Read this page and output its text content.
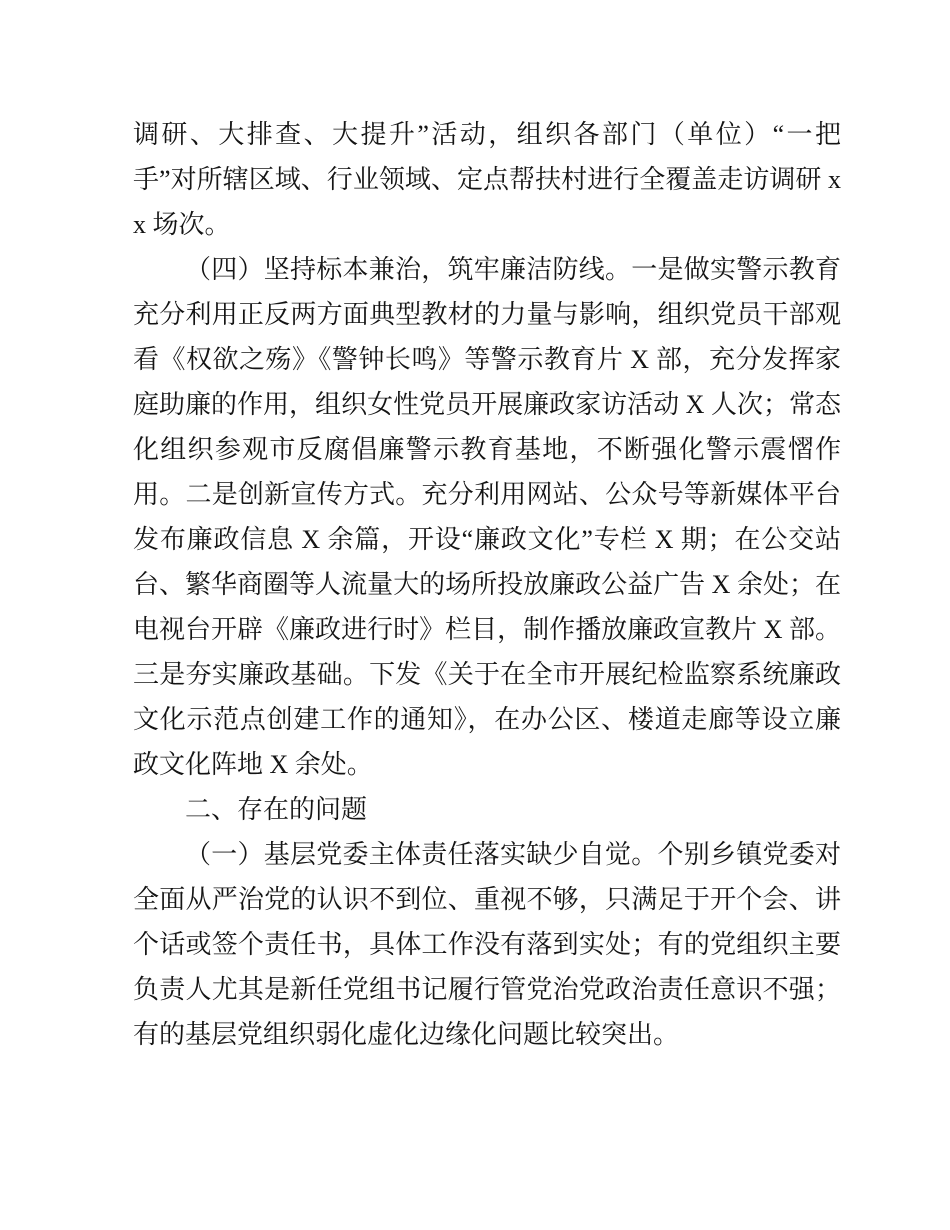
调研、大排查、大提升”活动，组织各部门（单位）“一把手”对所辖区域、行业领域、定点帮扶村进行全覆盖走访调研 xx 场次。

（四）坚持标本兼治，筑牢廉洁防线。一是做实警示教育充分利用正反两方面典型教材的力量与影响，组织党员干部观看《权欲之殇》《警钟长鸣》等警示教育片 X 部，充分发挥家庭助廉的作用，组织女性党员开展廉政家访活动 X 人次；常态化组织参观市反腐倡廉警示教育基地，不断强化警示震慴作用。二是创新宣传方式。充分利用网站、公众号等新媒体平台发布廉政信息 X 余篇，开设“廉政文化”专栏 X 期；在公交站台、繁华商圈等人流量大的场所投放廉政公益广告 X 余处；在电视台开辟《廉政进行时》栏目，制作播放廉政宣教片 X 部。三是夯实廉政基础。下发《关于在全市开展纪检监察系统廉政文化示范点创建工作的通知》，在办公区、楼道走廊等设立廉政文化阵地 X 余处。

二、存在的问题

（一）基层党委主体责任落实缺少自觉。个别乡镇党委对全面从严治党的认识不到位、重视不够，只满足于开个会、讲个话或签个责任书，具体工作没有落到实处；有的党组织主要负责人尤其是新任党组书记履行管党治党政治责任意识不强；有的基层党组织弱化虚化边缘化问题比较突出。
